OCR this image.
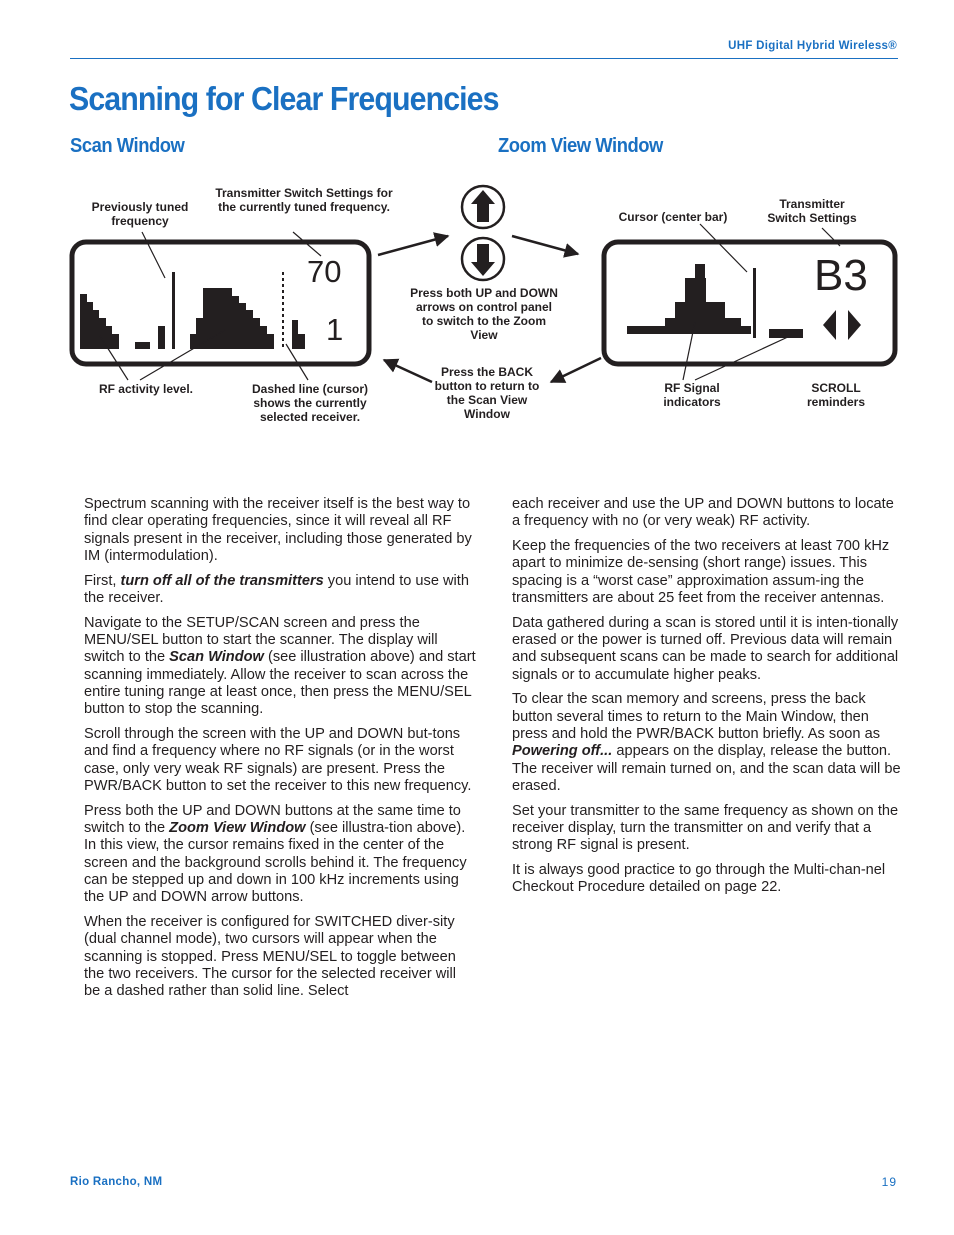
UHF Digital Hybrid Wireless®
Scanning for Clear Frequencies
Scan Window	Zoom View Window
70
1
B3
Previously tuned frequency
Transmitter Switch Settings for the currently tuned frequency.
RF activity level.	Dashed line (cursor) shows the currently selected receiver.
Press both UP and DOWN arrows on control panel to switch to the Zoom View
Press the BACK button to return to the Scan View Window
Cursor (center bar)
Transmitter Switch Settings
RF Signal indicators
SCROLL reminders

Spectrum scanning with the receiver itself is the best way to find clear operating frequencies, since it will reveal all RF signals present in the receiver, including those generated by IM (intermodulation).

First, turn off all of the transmitters you intend to use with the receiver.

Navigate to the SETUP/SCAN screen and press the MENU/SEL button to start the scanner. The display will switch to the Scan Window (see illustration above) and start scanning immediately. Allow the receiver to scan across the entire tuning range at least once, then press the MENU/SEL button to stop the scanning.

Scroll through the screen with the UP and DOWN but-tons and find a frequency where no RF signals (or in the worst case, only very weak RF signals) are present. Press the PWR/BACK button to set the receiver to this new frequency.

Press both the UP and DOWN buttons at the same time to switch to the Zoom View Window (see illustra-tion above). In this view, the cursor remains fixed in the center of the screen and the background scrolls behind it. The frequency can be stepped up and down in 100 kHz increments using the UP and DOWN arrow buttons.

When the receiver is configured for SWITCHED diver-sity (dual channel mode), two cursors will appear when the scanning is stopped. Press MENU/SEL to toggle between the two receivers. The cursor for the selected receiver will be a dashed rather than solid line. Select

each receiver and use the UP and DOWN buttons to locate a frequency with no (or very weak) RF activity.

Keep the frequencies of the two receivers at least 700 kHz apart to minimize de-sensing (short range) issues. This spacing is a “worst case” approximation assum-ing the transmitters are about 25 feet from the receiver antennas.

Data gathered during a scan is stored until it is inten-tionally erased or the power is turned off. Previous data will remain and subsequent scans can be made to search for additional signals or to accumulate higher peaks.

To clear the scan memory and screens, press the back button several times to return to the Main Window, then press and hold the PWR/BACK button briefly. As soon as Powering off... appears on the display, release the button. The receiver will remain turned on, and the scan data will be erased.

Set your transmitter to the same frequency as shown on the receiver display, turn the transmitter on and verify that a strong RF signal is present.

It is always good practice to go through the Multi-chan-nel Checkout Procedure detailed on page 22.

Rio Rancho, NM	19
